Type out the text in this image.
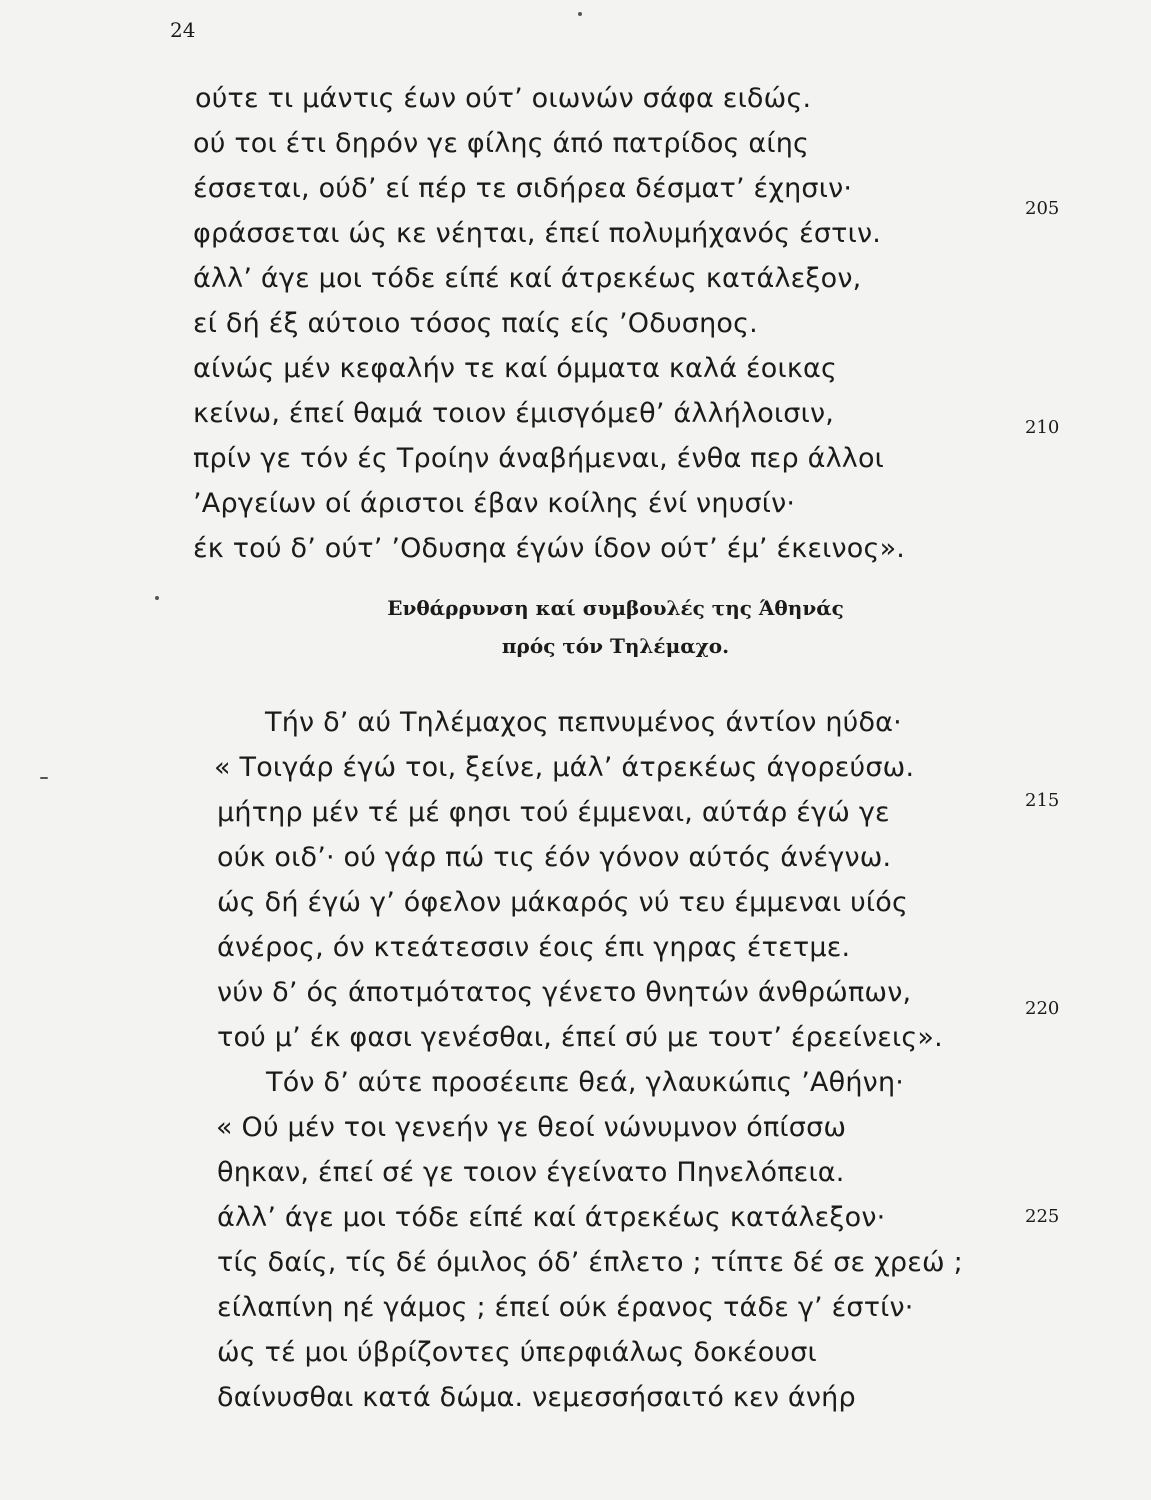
24
ούτε τι μάντις έων ούτ’ οιωνών σάφα ειδώς.
ού τοι έτι δηρόν γε φίλης άπό πατρίδος αίης
έσσεται, ούδ’ εί πέρ τε σιδήρεα δέσματ’ έχησιν·
φράσσεται ώς κε νέηται, έπεί πολυμήχανός έστιν.
205
άλλ’ άγε μοι τόδε είπέ καί άτρεκέως κατάλεξον,
εί δή έξ αύτοιο τόσος παίς είς ’Οδυσηος.
αίνώς μέν κεφαλήν τε καί όμματα καλά έοικας
κείνω, έπεί θαμά τοιον έμισγόμεθ’ άλλήλοισιν,
πρίν γε τόν ές Τροίην άναβήμεναι, ένθα περ άλλοι
210
’Αργείων οί άριστοι έβαν κοίλης ένί νηυσίν·
έκ τού δ’ ούτ’ ’Οδυσηα έγών ίδον ούτ’ έμ’ έκεινος».
Ενθάρρυνση καί συμβουλές της Άθηνάς
πρός τόν Τηλέμαχο.
Τήν δ’ αύ Τηλέμαχος πεπνυμένος άντίον ηύδα·
« Τοιγάρ έγώ τοι, ξείνε, μάλ’ άτρεκέως άγορεύσω.
μήτηρ μέν τέ μέ φησι τού έμμεναι, αύτάρ έγώ γε	215
ούκ οιδ’· ού γάρ πώ τις έόν γόνον αύτός άνέγνω.
ώς δή έγώ γ’ όφελον μάκαρός νύ τευ έμμεναι υίός
άνέρος, όν κτεάτεσσιν έοις έπι γηρας έτετμε.
νύν δ’ ός άποτμότατος γένετο θνητών άνθρώπων,
τού μ’ έκ φασι γενέσθαι, έπεί σύ με τουτ’ έρεείνεις».
220
Τόν δ’ αύτε προσέειπε θεά, γλαυκώπις ’Αθήνη·
« Ού μέν τοι γενεήν γε θεοί νώνυμνον όπίσσω
θηκαν, έπεί σέ γε τοιον έγείνατο Πηνελόπεια.
άλλ’ άγε μοι τόδε είπέ καί άτρεκέως κατάλεξον·
τίς δαίς, τίς δέ όμιλος όδ’ έπλετο ; τίπτε δέ σε χρεώ ;
225
είλαπίνη ηέ γάμος ; έπεί ούκ έρανος τάδε γ’ έστίν·
ώς τέ μοι ύβρίζοντες ύπερφιάλως δοκέουσι
δαίνυσθαι κατά δώμα. νεμεσσήσαιτό κεν άνήρ
